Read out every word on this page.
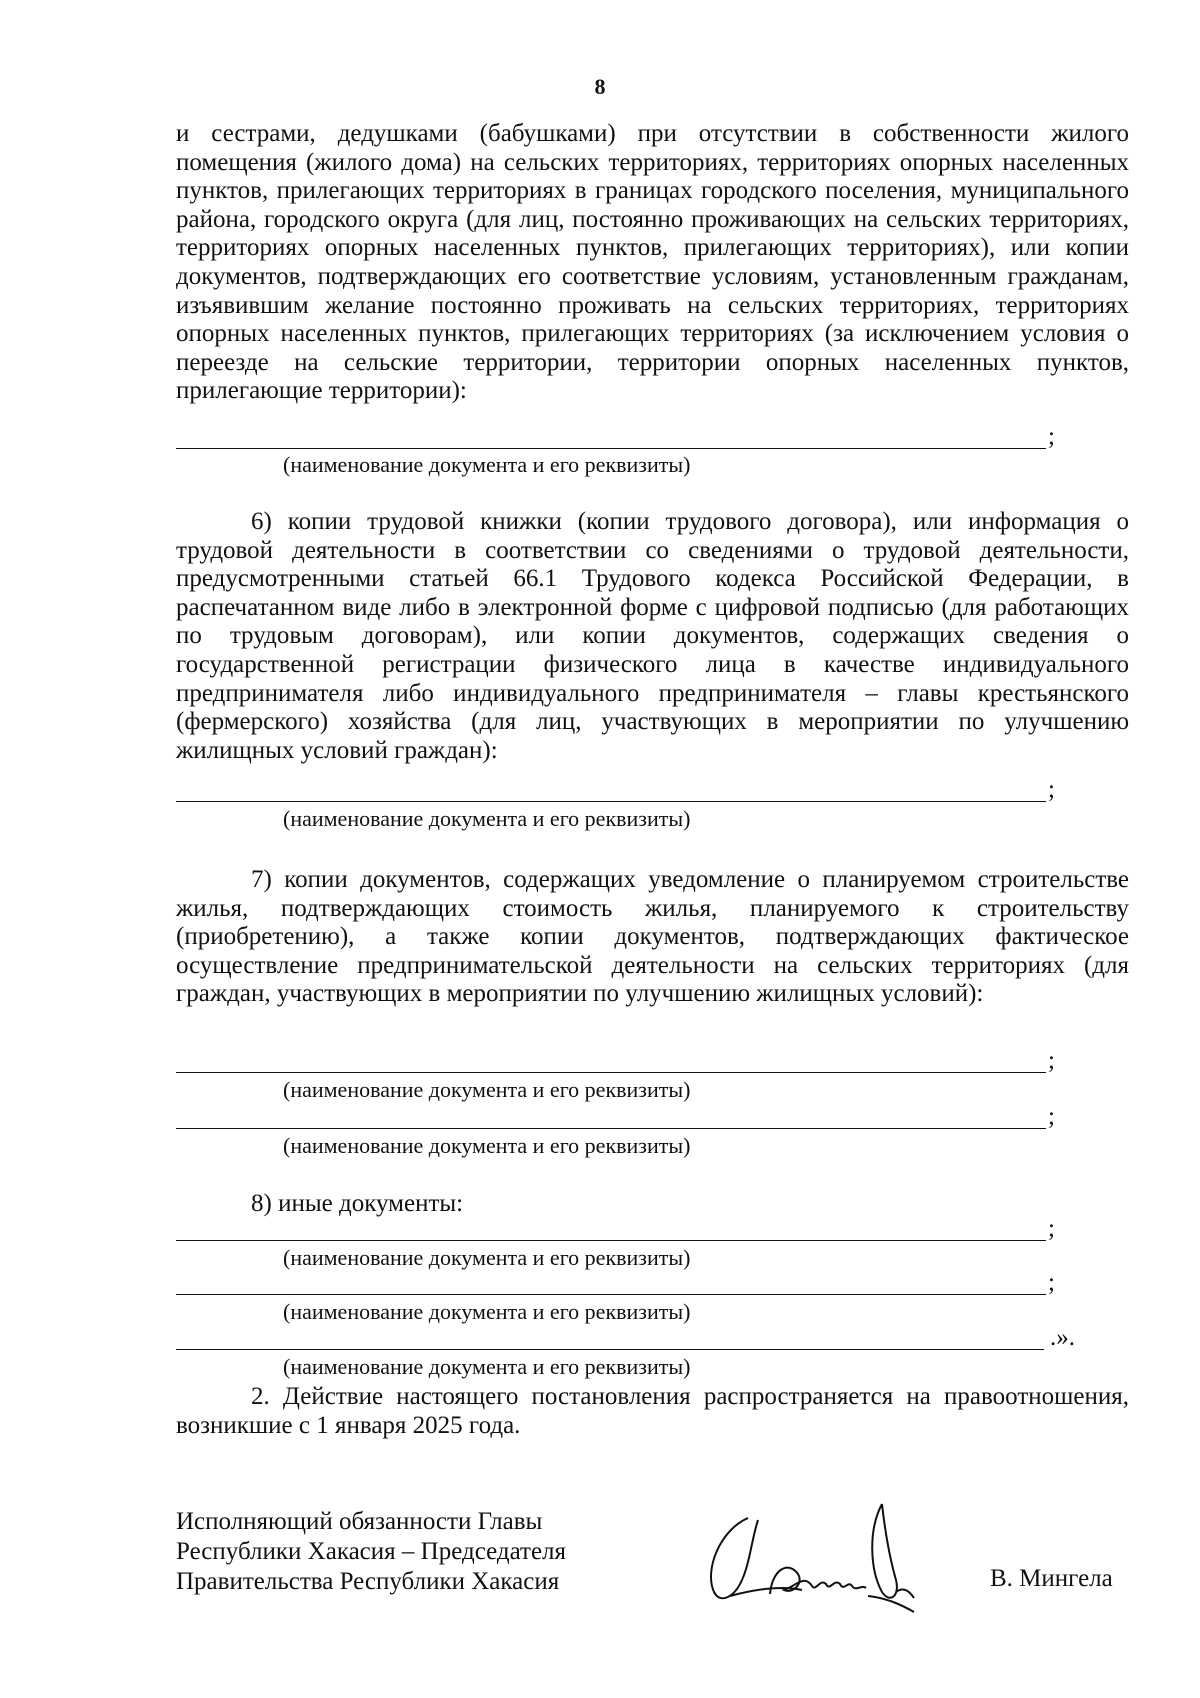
8

и сестрами, дедушками (бабушками) при отсутствии в собственности жилого помещения (жилого дома) на сельских территориях, территориях опорных населенных пунктов, прилегающих территориях в границах городского поселения, муниципального района, городского округа (для лиц, постоянно проживающих на сельских территориях, территориях опорных населенных пунктов, прилегающих территориях), или копии документов, подтверждающих его соответствие условиям, установленным гражданам, изъявившим желание постоянно проживать на сельских территориях, территориях опорных населенных пунктов, прилегающих территориях (за исключением условия о переезде на сельские территории, территории опорных населенных пунктов, прилегающие территории):

;
(наименование документа и его реквизиты)

6) копии трудовой книжки (копии трудового договора), или информация о трудовой деятельности в соответствии со сведениями о трудовой деятельности, предусмотренными статьей 66.1 Трудового кодекса Российской Федерации, в распечатанном виде либо в электронной форме с цифровой подписью (для работающих по трудовым договорам), или копии документов, содержащих сведения о государственной регистрации физического лица в качестве индивидуального предпринимателя либо индивидуального предпринимателя – главы крестьянского (фермерского) хозяйства (для лиц, участвующих в мероприятии по улучшению жилищных условий граждан):

;
(наименование документа и его реквизиты)

7) копии документов, содержащих уведомление о планируемом строительстве жилья, подтверждающих стоимость жилья, планируемого к строительству (приобретению), а также копии документов, подтверждающих фактическое осуществление предпринимательской деятельности на сельских территориях (для граждан, участвующих в мероприятии по улучшению жилищных условий):

;
(наименование документа и его реквизиты)
;
(наименование документа и его реквизиты)

8) иные документы:

;
(наименование документа и его реквизиты)
;
(наименование документа и его реквизиты)
.».
(наименование документа и его реквизиты)

2. Действие настоящего постановления распространяется на правоотношения, возникшие с 1 января 2025 года.

Исполняющий обязанности Главы
Республики Хакасия – Председателя
Правительства Республики Хакасия	В. Мингела
